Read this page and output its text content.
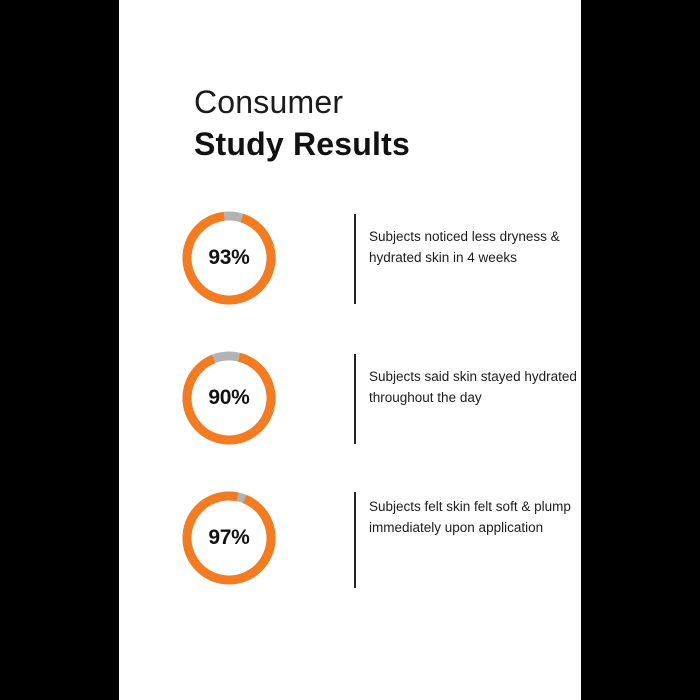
Consumer
Study Results
93%
Subjects noticed less dryness & hydrated skin in 4 weeks
90%
Subjects said skin stayed hydrated throughout the day
97%
Subjects felt skin felt soft & plump immediately upon application
